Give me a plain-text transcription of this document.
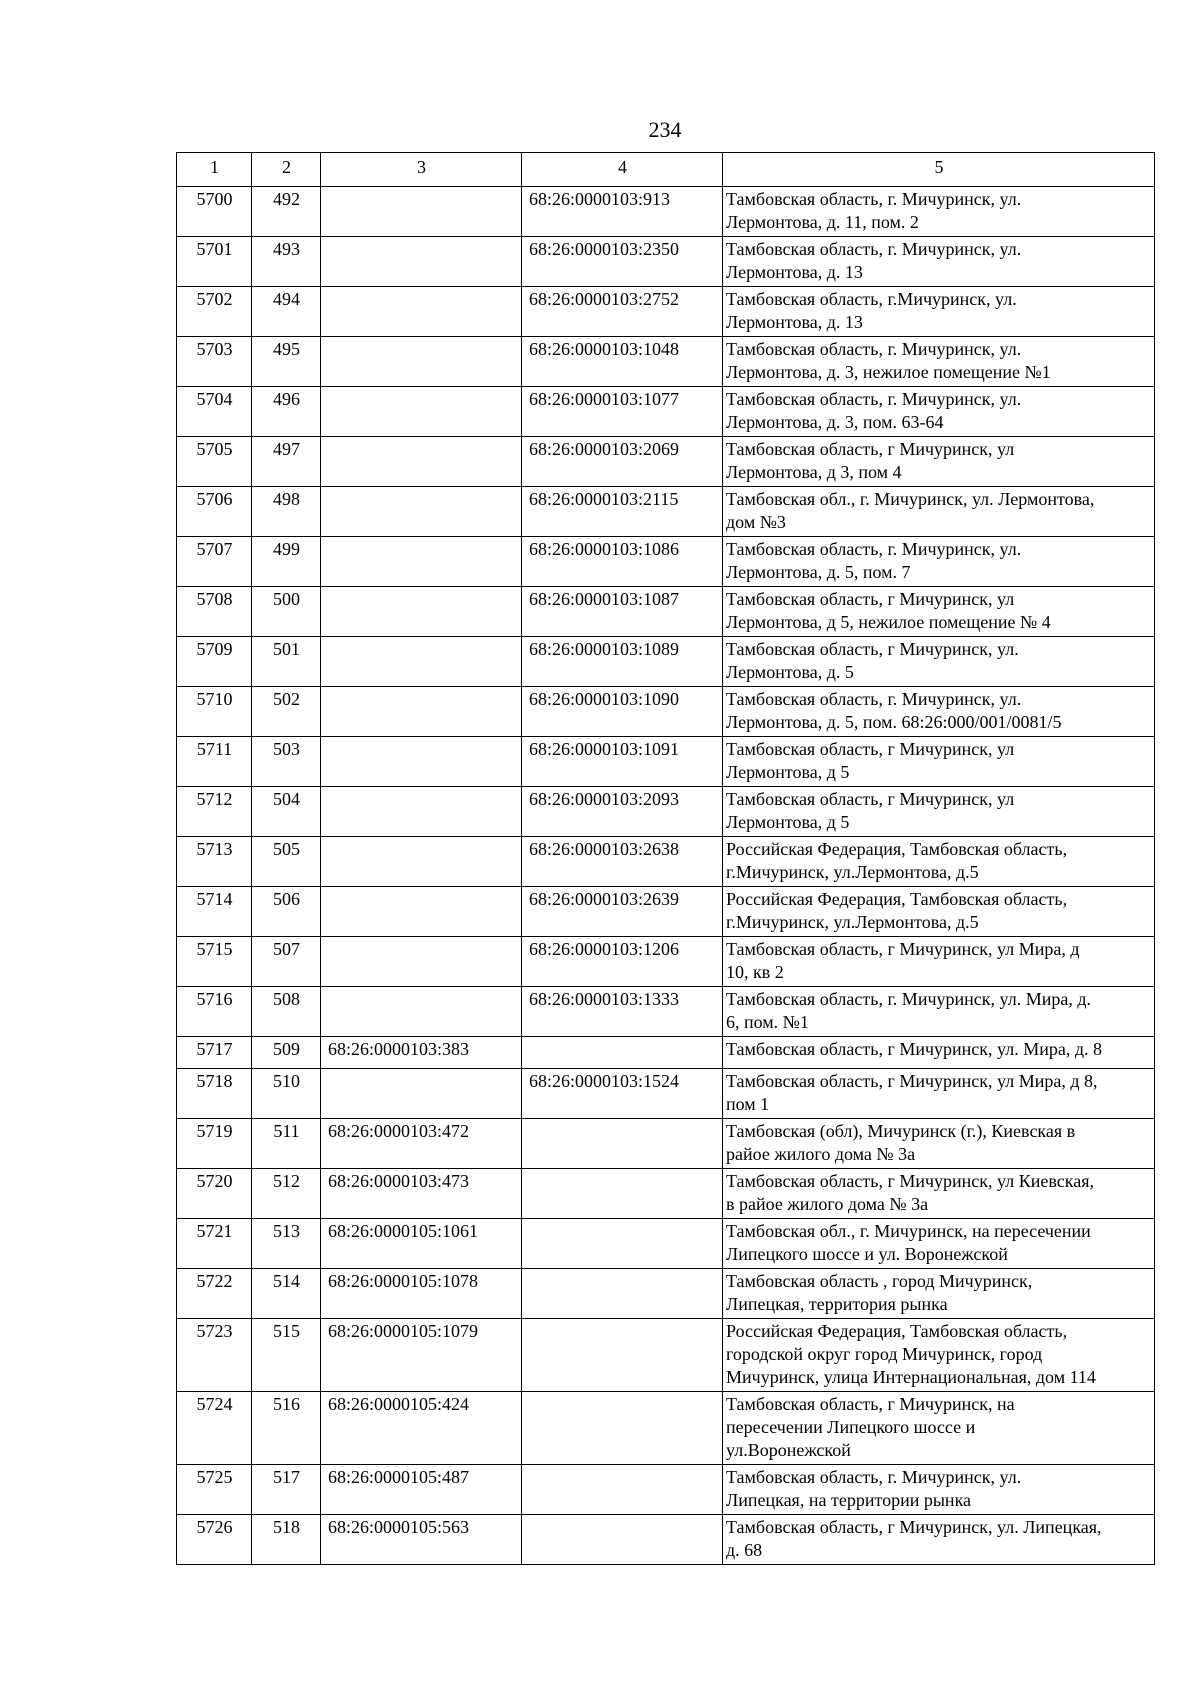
234
1	2	3	4	5
5700	492		68:26:0000103:913	Тамбовская область, г. Мичуринск, ул.
Лермонтова, д. 11, пом. 2
5701	493		68:26:0000103:2350	Тамбовская область, г. Мичуринск, ул.
Лермонтова, д. 13
5702	494		68:26:0000103:2752	Тамбовская область, г.Мичуринск, ул.
Лермонтова, д. 13
5703	495		68:26:0000103:1048	Тамбовская область, г. Мичуринск, ул.
Лермонтова, д. 3, нежилое помещение №1
5704	496		68:26:0000103:1077	Тамбовская область, г. Мичуринск, ул.
Лермонтова, д. 3, пом. 63-64
5705	497		68:26:0000103:2069	Тамбовская область, г Мичуринск, ул
Лермонтова, д 3, пом 4
5706	498		68:26:0000103:2115	Тамбовская обл., г. Мичуринск, ул. Лермонтова,
дом №3
5707	499		68:26:0000103:1086	Тамбовская область, г. Мичуринск, ул.
Лермонтова, д. 5, пом. 7
5708	500		68:26:0000103:1087	Тамбовская область, г Мичуринск, ул
Лермонтова, д 5, нежилое помещение № 4
5709	501		68:26:0000103:1089	Тамбовская область, г Мичуринск, ул.
Лермонтова, д. 5
5710	502		68:26:0000103:1090	Тамбовская область, г. Мичуринск, ул.
Лермонтова, д. 5, пом. 68:26:000/001/0081/5
5711	503		68:26:0000103:1091	Тамбовская область, г Мичуринск, ул
Лермонтова, д 5
5712	504		68:26:0000103:2093	Тамбовская область, г Мичуринск, ул
Лермонтова, д 5
5713	505		68:26:0000103:2638	Российская Федерация, Тамбовская область,
г.Мичуринск, ул.Лермонтова, д.5
5714	506		68:26:0000103:2639	Российская Федерация, Тамбовская область,
г.Мичуринск, ул.Лермонтова, д.5
5715	507		68:26:0000103:1206	Тамбовская область, г Мичуринск, ул Мира, д
10, кв 2
5716	508		68:26:0000103:1333	Тамбовская область, г. Мичуринск, ул. Мира, д.
6, пом. №1
5717	509	68:26:0000103:383		Тамбовская область, г Мичуринск, ул. Мира, д. 8
5718	510		68:26:0000103:1524	Тамбовская область, г Мичуринск, ул Мира, д 8,
пом 1
5719	511	68:26:0000103:472		Тамбовская (обл), Мичуринск (г.), Киевская в
райое жилого дома № 3а
5720	512	68:26:0000103:473		Тамбовская область, г Мичуринск, ул Киевская,
в райое жилого дома № 3а
5721	513	68:26:0000105:1061		Тамбовская обл., г. Мичуринск, на пересечении
Липецкого шоссе и ул. Воронежской
5722	514	68:26:0000105:1078		Тамбовская область , город Мичуринск,
Липецкая, территория рынка
5723	515	68:26:0000105:1079		Российская Федерация, Тамбовская область,
городской округ город Мичуринск, город
Мичуринск, улица Интернациональная, дом 114
5724	516	68:26:0000105:424		Тамбовская область, г Мичуринск, на
пересечении Липецкого шоссе и
ул.Воронежской
5725	517	68:26:0000105:487		Тамбовская область, г. Мичуринск, ул.
Липецкая, на территории рынка
5726	518	68:26:0000105:563		Тамбовская область, г Мичуринск, ул. Липецкая,
д. 68
